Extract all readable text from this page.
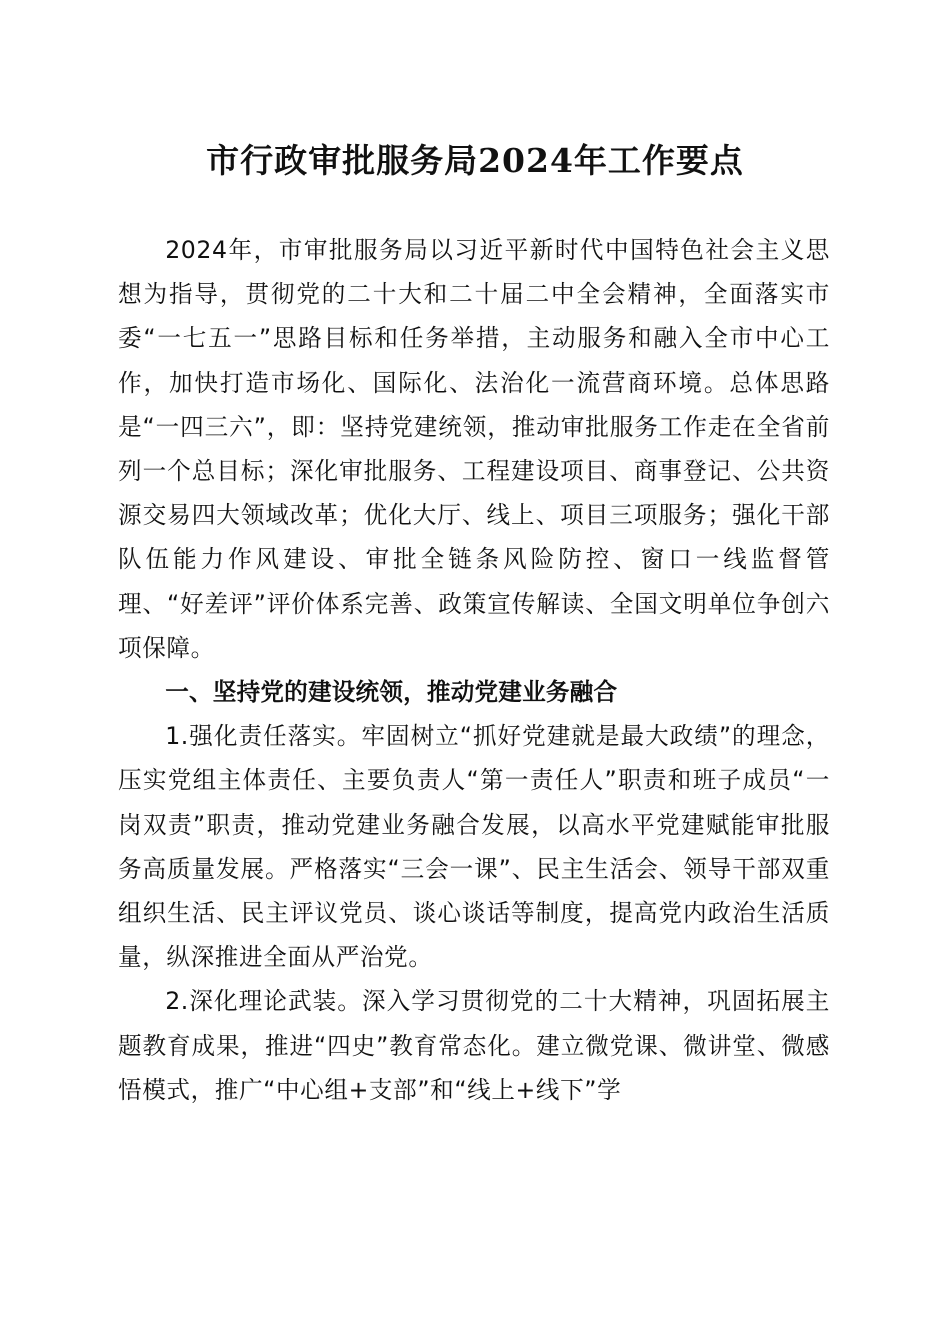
市行政审批服务局2024年工作要点

2024年，市审批服务局以习近平新时代中国特色社会主义思想为指导，贯彻党的二十大和二十届二中全会精神，全面落实市委“一七五一”思路目标和任务举措，主动服务和融入全市中心工作，加快打造市场化、国际化、法治化一流营商环境。总体思路是“一四三六”，即：坚持党建统领，推动审批服务工作走在全省前列一个总目标；深化审批服务、工程建设项目、商事登记、公共资源交易四大领域改革；优化大厅、线上、项目三项服务；强化干部队伍能力作风建设、审批全链条风险防控、窗口一线监督管理、“好差评”评价体系完善、政策宣传解读、全国文明单位争创六项保障。

一、坚持党的建设统领，推动党建业务融合

1.强化责任落实。牢固树立“抓好党建就是最大政绩”的理念，压实党组主体责任、主要负责人“第一责任人”职责和班子成员“一岗双责”职责，推动党建业务融合发展，以高水平党建赋能审批服务高质量发展。严格落实“三会一课”、民主生活会、领导干部双重组织生活、民主评议党员、谈心谈话等制度，提高党内政治生活质量，纵深推进全面从严治党。

2.深化理论武装。深入学习贯彻党的二十大精神，巩固拓展主题教育成果，推进“四史”教育常态化。建立微党课、微讲堂、微感悟模式，推广“中心组+支部”和“线上+线下”学
